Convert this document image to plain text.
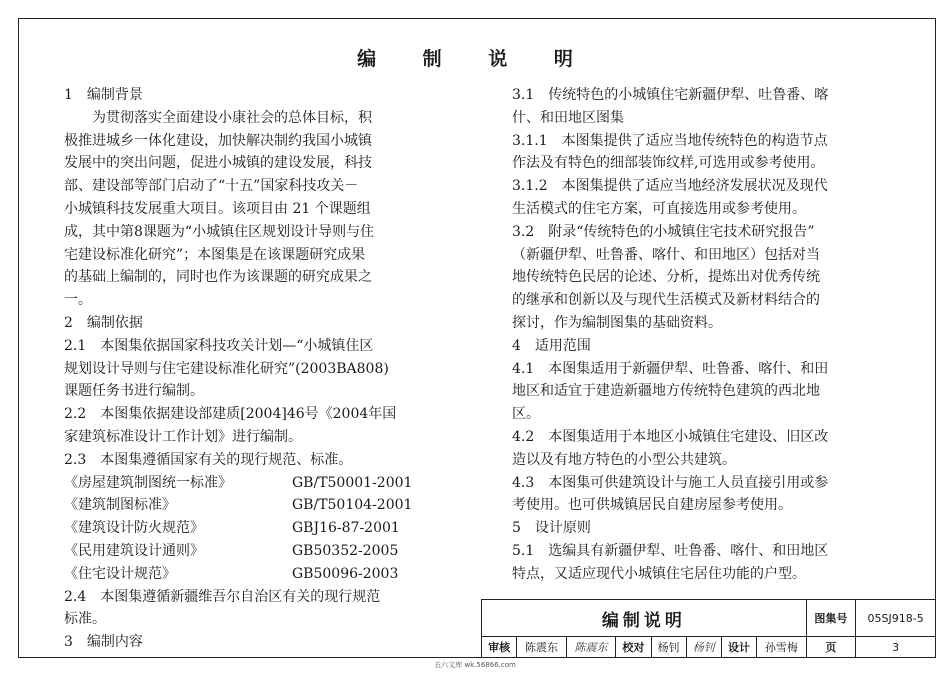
编 制 说 明

1　编制背景

为贯彻落实全面建设小康社会的总体目标，积

极推进城乡一体化建设，加快解决制约我国小城镇

发展中的突出问题，促进小城镇的建设发展，科技

部、建设部等部门启动了“十五”国家科技攻关－

小城镇科技发展重大项目。该项目由 21 个课题组

成，其中第8课题为“小城镇住区规划设计导则与住

宅建设标准化研究”；本图集是在该课题研究成果

的基础上编制的，同时也作为该课题的研究成果之

一。

2　编制依据

2.1　本图集依据国家科技攻关计划—“小城镇住区

规划设计导则与住宅建设标准化研究”(2003BA808)

课题任务书进行编制。

2.2　本图集依据建设部建质[2004]46号《2004年国

家建筑标准设计工作计划》进行编制。

2.3　本图集遵循国家有关的现行规范、标准。

《房屋建筑制图统一标准》	GB/T50001-2001

《建筑制图标准》	GB/T50104-2001

《建筑设计防火规范》	GBJ16-87-2001

《民用建筑设计通则》	GB50352-2005

《住宅设计规范》	GB50096-2003

2.4　本图集遵循新疆维吾尔自治区有关的现行规范

标准。

3　编制内容

3.1　传统特色的小城镇住宅新疆伊犁、吐鲁番、喀

什、和田地区图集

3.1.1　本图集提供了适应当地传统特色的构造节点

作法及有特色的细部装饰纹样,可选用或参考使用。

3.1.2　本图集提供了适应当地经济发展状况及现代

生活模式的住宅方案，可直接选用或参考使用。

3.2　附录“传统特色的小城镇住宅技术研究报告”

（新疆伊犁、吐鲁番、喀什、和田地区）包括对当

地传统特色民居的论述、分析，提炼出对优秀传统

的继承和创新以及与现代生活模式及新材料结合的

探讨，作为编制图集的基础资料。

4　适用范围

4.1　本图集适用于新疆伊犁、吐鲁番、喀什、和田

地区和适宜于建造新疆地方传统特色建筑的西北地

区。

4.2　本图集适用于本地区小城镇住宅建设、旧区改

造以及有地方特色的小型公共建筑。

4.3　本图集可供建筑设计与施工人员直接引用或参

考使用。也可供城镇居民自建房屋参考使用。

5　设计原则

5.1　选编具有新疆伊犁、吐鲁番、喀什、和田地区

特点，又适应现代小城镇住宅居住功能的户型。

编制说明								图集号	05SJ918-5
审核	陈震东	陈震东	校对	杨钊	杨钊	设计	孙雪梅	页	3
五六文库 wk.56866.com
